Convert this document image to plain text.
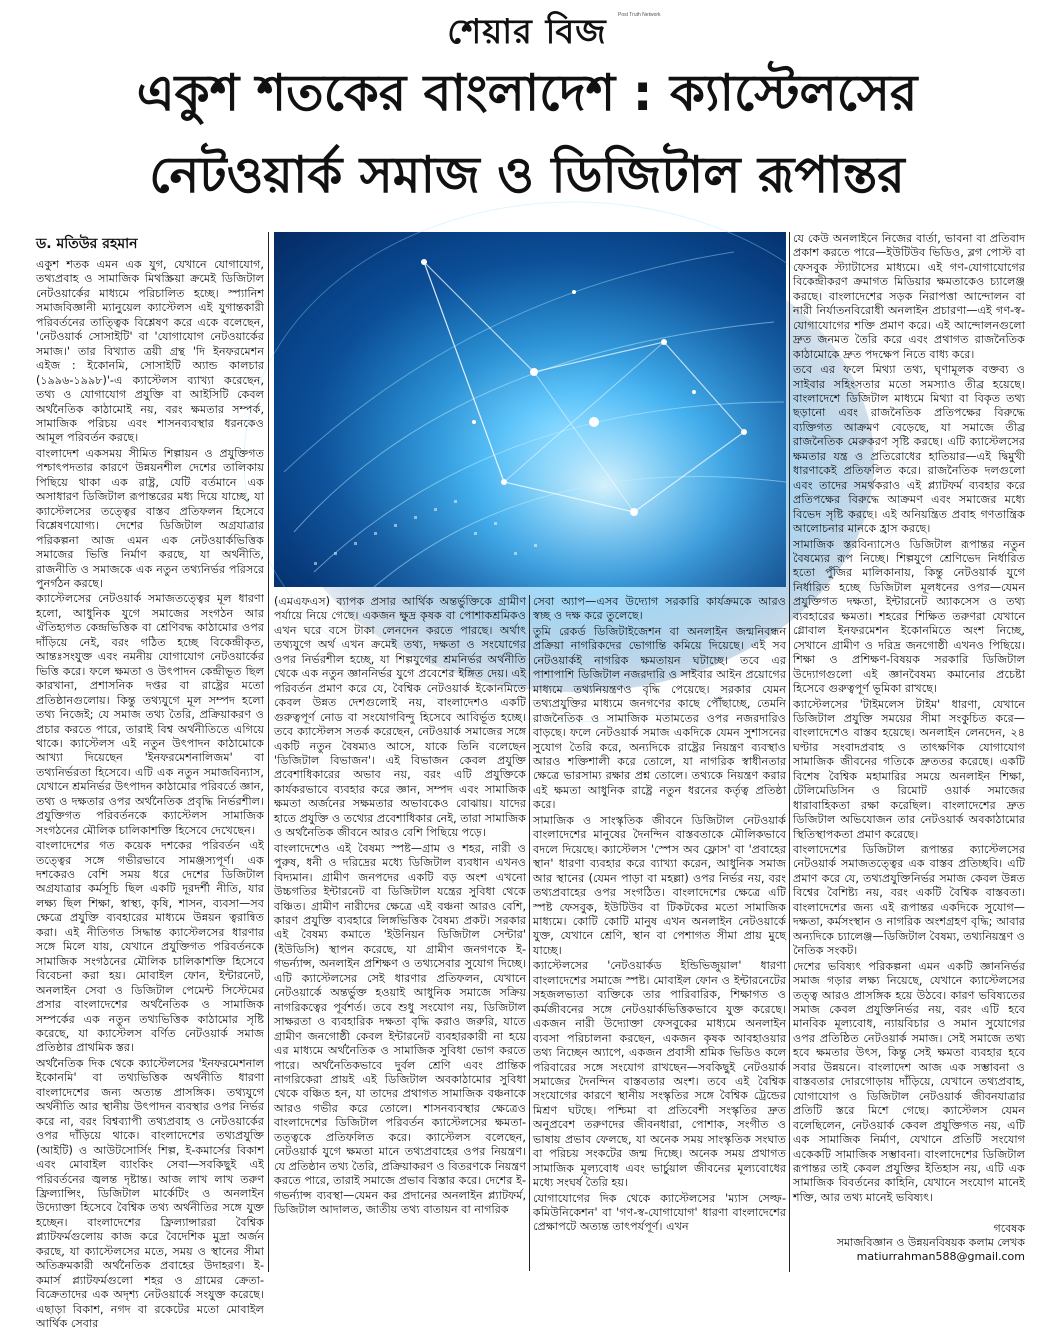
শেয়ার বিজ	Post Truth Network
একুশ শতকের বাংলাদেশ : ক্যাস্টেলসের
নেটওয়ার্ক সমাজ ও ডিজিটাল রূপান্তর
ড. মতিউর রহমান

একুশ শতক এমন এক যুগ, যেখানে যোগাযোগ, তথ্যপ্রবাহ ও সামাজিক মিথস্ক্রিয়া ক্রমেই ডিজিটাল নেটওয়ার্কের মাধ্যমে পরিচালিত হচ্ছে। স্প্যানিশ সমাজবিজ্ঞানী ম্যানুয়েল ক্যাস্টেলস এই যুগান্তকারী পরিবর্তনের তাত্ত্বিক বিশ্লেষণ করে একে বলেছেন, 'নেটওয়ার্ক সোসাইটি' বা 'যোগাযোগ নেটওয়ার্কের সমাজ।' তার বিখ্যাত ত্রয়ী গ্রন্থ 'দি ইনফরমেশন এইজ : ইকোনমি, সোসাইটি অ্যান্ড কালচার (১৯৯৬-১৯৯৮)'-এ ক্যাস্টেলস ব্যাখ্যা করেছেন, তথ্য ও যোগাযোগ প্রযুক্তি বা আইসিটি কেবল অর্থনৈতিক কাঠামোই নয়, বরং ক্ষমতার সম্পর্ক, সামাজিক পরিচয় এবং শাসনব্যবস্থার ধরনকেও আমূল পরিবর্তন করছে।

বাংলাদেশ একসময় সীমিত শিল্পায়ন ও প্রযুক্তিগত পশ্চাৎপদতার কারণে উন্নয়নশীল দেশের তালিকায় পিছিয়ে থাকা এক রাষ্ট্র, যেটি বর্তমানে এক অসাধারণ ডিজিটাল রূপান্তরের মধ্য দিয়ে যাচ্ছে, যা ক্যাস্টেলসের তত্ত্বের বাস্তব প্রতিফলন হিসেবে বিশ্লেষণযোগ্য। দেশের ডিজিটাল অগ্রযাত্রার পরিকল্পনা আজ এমন এক নেটওয়ার্কভিত্তিক সমাজের ভিত্তি নির্মাণ করছে, যা অর্থনীতি, রাজনীতি ও সমাজকে এক নতুন তথ্যনির্ভর পরিসরে পুনর্গঠন করছে।

ক্যাস্টেলসের নেটওয়ার্ক সমাজতত্ত্বের মূল ধারণা হলো, আধুনিক যুগে সমাজের সংগঠন আর ঐতিহ্যগত কেন্দ্রভিত্তিক বা শ্রেণিবদ্ধ কাঠামোর ওপর দাঁড়িয়ে নেই, বরং গঠিত হচ্ছে বিকেন্দ্রীকৃত, আন্তঃসংযুক্ত এবং নমনীয় যোগাযোগ নেটওয়ার্কের ভিত্তি করে। ফলে ক্ষমতা ও উৎপাদন কেন্দ্রীভূত ছিল কারখানা, প্রশাসনিক দপ্তর বা রাষ্ট্রের মতো প্রতিষ্ঠানগুলোয়। কিন্তু তথ্যযুগে মূল সম্পদ হলো তথ্য নিজেই; যে সমাজ তথ্য তৈরি, প্রক্রিয়াকরণ ও প্রচার করতে পারে, তারাই বিশ্ব অর্থনীতিতে এগিয়ে থাকে। ক্যাস্টেলস এই নতুন উৎপাদন কাঠামোকে আখ্যা দিয়েছেন 'ইনফরমেশনালিজম' বা তথ্যনির্ভরতা হিসেবে। এটি এক নতুন সমাজবিন্যাস, যেখানে শ্রমনির্ভর উৎপাদন কাঠামোর পরিবর্তে জ্ঞান, তথ্য ও দক্ষতার ওপর অর্থনৈতিক প্রবৃদ্ধি নির্ভরশীল। প্রযুক্তিগত পরিবর্তনকে ক্যাস্টেলস সামাজিক সংগঠনের মৌলিক চালিকাশক্তি হিসেবে দেখেছেন।

বাংলাদেশের গত কয়েক দশকের পরিবর্তন এই তত্ত্বের সঙ্গে গভীরভাবে সামঞ্জস্যপূর্ণ। এক দশকেরও বেশি সময় ধরে দেশের ডিজিটাল অগ্রযাত্রার কর্মসূচি ছিল একটি দূরদর্শী নীতি, যার লক্ষ্য ছিল শিক্ষা, স্বাস্থ্য, কৃষি, শাসন, ব্যবসা—সব ক্ষেত্রে প্রযুক্তি ব্যবহারের মাধ্যমে উন্নয়ন ত্বরান্বিত করা। এই নীতিগত সিদ্ধান্ত ক্যাস্টেলসের ধারণার সঙ্গে মিলে যায়, যেখানে প্রযুক্তিগত পরিবর্তনকে সামাজিক সংগঠনের মৌলিক চালিকাশক্তি হিসেবে বিবেচনা করা হয়। মোবাইল ফোন, ইন্টারনেট, অনলাইন সেবা ও ডিজিটাল পেমেন্ট সিস্টেমের প্রসার বাংলাদেশের অর্থনৈতিক ও সামাজিক সম্পর্কের এক নতুন তথ্যভিত্তিক কাঠামোর সৃষ্টি করেছে, যা ক্যাস্টেলস বর্ণিত নেটওয়ার্ক সমাজ প্রতিষ্ঠার প্রাথমিক স্তর।

অর্থনৈতিক দিক থেকে ক্যাস্টেলসের 'ইনফরমেশনাল ইকোনমি' বা তথ্যভিত্তিক অর্থনীতি ধারণা বাংলাদেশের জন্য অত্যন্ত প্রাসঙ্গিক। তথ্যযুগে অর্থনীতি আর স্থানীয় উৎপাদন ব্যবস্থার ওপর নির্ভর করে না, বরং বিশ্বব্যাপী তথ্যপ্রবাহ ও নেটওয়ার্কের ওপর দাঁড়িয়ে থাকে। বাংলাদেশের তথ্যপ্রযুক্তি (আইটি) ও আউটসোর্সিং শিল্প, ই-কমার্সের বিকাশ এবং মোবাইল ব্যাংকিং সেবা—সবকিছুই এই পরিবর্তনের জ্বলন্ত দৃষ্টান্ত। আজ লাখ লাখ তরুণ ফ্রিল্যান্সিং, ডিজিটাল মার্কেটিং ও অনলাইন উদ্যোক্তা হিসেবে বৈশ্বিক তথ্য অর্থনীতির সঙ্গে যুক্ত হচ্ছেন। বাংলাদেশের ফ্রিল্যান্সাররা বৈশ্বিক প্ল্যাটফর্মগুলোয় কাজ করে বৈদেশিক মুদ্রা অর্জন করছে, যা ক্যাস্টেলসের মতে, সময় ও স্থানের সীমা অতিক্রমকারী অর্থনৈতিক প্রবাহের উদাহরণ। ই-কমার্স প্ল্যাটফর্মগুলো শহর ও গ্রামের ক্রেতা-বিক্রেতাদের এক অদৃশ্য নেটওয়ার্কে সংযুক্ত করেছে। এছাড়া বিকাশ, নগদ বা রকেটের মতো মোবাইল আর্থিক সেবার

(এমএফএস) ব্যাপক প্রসার আর্থিক অন্তর্ভুক্তিকে গ্রামীণ পর্যায়ে নিয়ে গেছে। একজন ক্ষুদ্র কৃষক বা পোশাকশ্রমিকও এখন ঘরে বসে টাকা লেনদেন করতে পারছে। অর্থাৎ তথ্যযুগে অর্থ এখন ক্রমেই তথ্য, দক্ষতা ও সংযোগের ওপর নির্ভরশীল হচ্ছে, যা শিল্পযুগের শ্রমনির্ভর অর্থনীতি থেকে এক নতুন জ্ঞাননির্ভর যুগে প্রবেশের ইঙ্গিত দেয়। এই পরিবর্তন প্রমাণ করে যে, বৈশ্বিক নেটওয়ার্ক ইকোনমিতে কেবল উন্নত দেশগুলোই নয়, বাংলাদেশও একটি গুরুত্বপূর্ণ নোড বা সংযোগবিন্দু হিসেবে আবির্ভূত হচ্ছে। তবে ক্যাস্টেলস সতর্ক করেছেন, নেটওয়ার্ক সমাজের সঙ্গে একটি নতুন বৈষম্যও আসে, যাকে তিনি বলেছেন 'ডিজিটাল বিভাজন'। এই বিভাজন কেবল প্রযুক্তি প্রবেশাধিকারের অভাব নয়, বরং এটি প্রযুক্তিকে কার্যকরভাবে ব্যবহার করে জ্ঞান, সম্পদ এবং সামাজিক ক্ষমতা অর্জনের সক্ষমতার অভাবকেও বোঝায়। যাদের হাতে প্রযুক্তি ও তথ্যের প্রবেশাধিকার নেই, তারা সামাজিক ও অর্থনৈতিক জীবনে আরও বেশি পিছিয়ে পড়ে।

বাংলাদেশেও এই বৈষম্য স্পষ্ট—গ্রাম ও শহর, নারী ও পুরুষ, ধনী ও দরিদ্রের মধ্যে ডিজিটাল ব্যবধান এখনও বিদ্যমান। গ্রামীণ জনপদের একটি বড় অংশ এখনো উচ্চগতির ইন্টারনেট বা ডিজিটাল যন্ত্রের সুবিধা থেকে বঞ্চিত। গ্রামীণ নারীদের ক্ষেত্রে এই বঞ্চনা আরও বেশি, কারণ প্রযুক্তি ব্যবহারে লিঙ্গভিত্তিক বৈষম্য প্রকট। সরকার এই বৈষম্য কমাতে 'ইউনিয়ন ডিজিটাল সেন্টার' (ইউডিসি) স্থাপন করেছে, যা গ্রামীণ জনগণকে ই-গভর্ন্যান্স, অনলাইন প্রশিক্ষণ ও তথ্যসেবার সুযোগ দিচ্ছে। এটি ক্যাস্টেলসের সেই ধারণার প্রতিফলন, যেখানে নেটওয়ার্কে অন্তর্ভুক্ত হওয়াই আধুনিক সমাজে সক্রিয় নাগরিকত্বের পূর্বশর্ত। তবে শুধু সংযোগ নয়, ডিজিটাল সাক্ষরতা ও ব্যবহারিক দক্ষতা বৃদ্ধি করাও জরুরি, যাতে গ্রামীণ জনগোষ্ঠী কেবল ইন্টারনেট ব্যবহারকারী না হয়ে এর মাধ্যমে অর্থনৈতিক ও সামাজিক সুবিধা ভোগ করতে পারে। অর্থনৈতিকভাবে দুর্বল শ্রেণি এবং প্রান্তিক নাগরিকেরা প্রায়ই এই ডিজিটাল অবকাঠামোর সুবিধা থেকে বঞ্চিত হন, যা তাদের প্রথাগত সামাজিক বঞ্চনাকে আরও গভীর করে তোলে। শাসনব্যবস্থার ক্ষেত্রেও বাংলাদেশের ডিজিটাল পরিবর্তন ক্যাস্টেলসের ক্ষমতা-তত্ত্বকে প্রতিফলিত করে। ক্যাস্টেলস বলেছেন, নেটওয়ার্ক যুগে ক্ষমতা মানে তথ্যপ্রবাহের ওপর নিয়ন্ত্রণ। যে প্রতিষ্ঠান তথ্য তৈরি, প্রক্রিয়াকরণ ও বিতরণকে নিয়ন্ত্রণ করতে পারে, তারাই সমাজে প্রভাব বিস্তার করে। দেশের ই-গভর্ন্যান্স ব্যবস্থা—যেমন কর প্রদানের অনলাইন প্ল্যাটফর্ম, ডিজিটাল আদালত, জাতীয় তথ্য বাতায়ন বা নাগরিক

সেবা অ্যাপ—এসব উদ্যোগ সরকারি কার্যক্রমকে আরও স্বচ্ছ ও দক্ষ করে তুলেছে।

তুমি রেকর্ড ডিজিটাইজেশন বা অনলাইন জন্মনিবন্ধন প্রক্রিয়া নাগরিকদের ভোগান্তি কমিয়ে দিয়েছে। এই সব নেটওয়ার্কই নাগরিক ক্ষমতায়ন ঘটাচ্ছে। তবে এর পাশাপাশি ডিজিটাল নজরদারি ও সাইবার আইন প্রয়োগের মাধ্যমে তথ্যনিয়ন্ত্রণও বৃদ্ধি পেয়েছে। সরকার যেমন তথ্যপ্রযুক্তির মাধ্যমে জনগণের কাছে পৌঁছাচ্ছে, তেমনি রাজনৈতিক ও সামাজিক মতামতের ওপর নজরদারিও বাড়ছে। ফলে নেটওয়ার্ক সমাজ একদিকে যেমন সুশাসনের সুযোগ তৈরি করে, অন্যদিকে রাষ্ট্রের নিয়ন্ত্রণ ব্যবস্থাও আরও শক্তিশালী করে তোলে, যা নাগরিক স্বাধীনতার ক্ষেত্রে ভারসাম্য রক্ষার প্রশ্ন তোলে। তথ্যকে নিয়ন্ত্রণ করার এই ক্ষমতা আধুনিক রাষ্ট্রে নতুন ধরনের কর্তৃত্ব প্রতিষ্ঠা করে।

সামাজিক ও সাংস্কৃতিক জীবনে ডিজিটাল নেটওয়ার্ক বাংলাদেশের মানুষের দৈনন্দিন বাস্তবতাকে মৌলিকভাবে বদলে দিয়েছে। ক্যাস্টেলস 'স্পেস অব ফ্লোস' বা 'প্রবাহের স্থান' ধারণা ব্যবহার করে ব্যাখ্যা করেন, আধুনিক সমাজ আর স্থানের (যেমন পাড়া বা মহল্লা) ওপর নির্ভর নয়, বরং তথ্যপ্রবাহের ওপর সংগঠিত। বাংলাদেশের ক্ষেত্রে এটি স্পষ্ট ফেসবুক, ইউটিউব বা টিকটকের মতো সামাজিক মাধ্যমে। কোটি কোটি মানুষ এখন অনলাইন নেটওয়ার্কে যুক্ত, যেখানে শ্রেণি, স্থান বা পেশাগত সীমা প্রায় মুছে যাচ্ছে।

ক্যাস্টেলসের 'নেটওয়ার্কড ইন্ডিভিজুয়াল' ধারণা বাংলাদেশের সমাজে স্পষ্ট। মোবাইল ফোন ও ইন্টারনেটের সহজলভ্যতা ব্যক্তিকে তার পারিবারিক, শিক্ষাগত ও কর্মজীবনের সঙ্গে নেটওয়ার্কভিত্তিকভাবে যুক্ত করেছে। একজন নারী উদ্যোক্তা ফেসবুকের মাধ্যমে অনলাইন ব্যবসা পরিচালনা করছেন, একজন কৃষক আবহাওয়ার তথ্য নিচ্ছেন অ্যাপে, একজন প্রবাসী শ্রমিক ভিডিও কলে পরিবারের সঙ্গে সংযোগ রাখছেন—সবকিছুই নেটওয়ার্ক সমাজের দৈনন্দিন বাস্তবতার অংশ। তবে এই বৈশ্বিক সংযোগের কারণে স্থানীয় সংস্কৃতির সঙ্গে বৈশ্বিক ট্রেন্ডের মিশ্রণ ঘটছে। পশ্চিমা বা প্রতিবেশী সংস্কৃতির দ্রুত অনুপ্রবেশ তরুণদের জীবনধারা, পোশাক, সংগীত ও ভাষায় প্রভাব ফেলছে, যা অনেক সময় সাংস্কৃতিক সংঘাত বা পরিচয় সংকটের জন্ম দিচ্ছে। অনেক সময় প্রথাগত সামাজিক মূল্যবোধ এবং ভার্চুয়াল জীবনের মূল্যবোধের মধ্যে সংঘর্ষ তৈরি হয়।

যোগাযোগের দিক থেকে ক্যাস্টেলসের 'ম্যাস সেল্ফ-কমিউনিকেশন' বা 'গণ-স্ব-যোগাযোগ' ধারণা বাংলাদেশের প্রেক্ষাপটে অত্যন্ত তাৎপর্যপূর্ণ। এখন

যে কেউ অনলাইনে নিজের বার্তা, ভাবনা বা প্রতিবাদ প্রকাশ করতে পারে—ইউটিউব ভিডিও, ব্লগ পোস্ট বা ফেসবুক স্ট্যাটাসের মাধ্যমে। এই গণ-যোগাযোগের বিকেন্দ্রীকরণ ক্রমাগত মিডিয়ার ক্ষমতাকেও চ্যালেঞ্জ করছে। বাংলাদেশের সড়ক নিরাপত্তা আন্দোলন বা নারী নির্যাতনবিরোধী অনলাইন প্রচারণা—এই গণ-স্ব-যোগাযোগের শক্তি প্রমাণ করে। এই আন্দোলনগুলো দ্রুত জনমত তৈরি করে এবং প্রথাগত রাজনৈতিক কাঠামোকে দ্রুত পদক্ষেপ নিতে বাধ্য করে।

তবে এর ফলে মিথ্যা তথ্য, ঘৃণামূলক বক্তব্য ও সাইবার সহিংসতার মতো সমস্যাও তীব্র হয়েছে। বাংলাদেশে ডিজিটাল মাধ্যমে মিথ্যা বা বিকৃত তথ্য ছড়ানো এবং রাজনৈতিক প্রতিপক্ষের বিরুদ্ধে ব্যক্তিগত আক্রমণ বেড়েছে, যা সমাজে তীব্র রাজনৈতিক মেরুকরণ সৃষ্টি করছে। এটি ক্যাস্টেলসের ক্ষমতার যন্ত্র ও প্রতিরোধের হাতিয়ার—এই দ্বিমুখী ধারণাকেই প্রতিফলিত করে। রাজনৈতিক দলগুলো এবং তাদের সমর্থকরাও এই প্ল্যাটফর্ম ব্যবহার করে প্রতিপক্ষের বিরুদ্ধে আক্রমণ এবং সমাজের মধ্যে বিভেদ সৃষ্টি করছে। এই অনিয়ন্ত্রিত প্রবাহ গণতান্ত্রিক আলোচনার মানকে হ্রাস করছে।

সামাজিক স্তরবিন্যাসেও ডিজিটাল রূপান্তর নতুন বৈষম্যের রূপ নিচ্ছে। শিল্পযুগে শ্রেণিভেদ নির্ধারিত হতো পুঁজির মালিকানায়, কিন্তু নেটওয়ার্ক যুগে নির্ধারিত হচ্ছে ডিজিটাল মূলধনের ওপর—যেমন প্রযুক্তিগত দক্ষতা, ইন্টারনেট অ্যাকসেস ও তথ্য ব্যবহারের ক্ষমতা। শহরের শিক্ষিত তরুণরা যেখানে গ্লোবাল ইনফরমেশন ইকোনমিতে অংশ নিচ্ছে, সেখানে গ্রামীণ ও দরিদ্র জনগোষ্ঠী এখনও পিছিয়ে। শিক্ষা ও প্রশিক্ষণ-বিষয়ক সরকারি ডিজিটাল উদ্যোগগুলো এই জ্ঞানবৈষম্য কমানোর প্রচেষ্টা হিসেবে গুরুত্বপূর্ণ ভূমিকা রাখছে।

ক্যাস্টেলসের 'টাইমলেস টাইম' ধারণা, যেখানে ডিজিটাল প্রযুক্তি সময়ের সীমা সংকুচিত করে—বাংলাদেশেও বাস্তব হয়েছে। অনলাইন লেনদেন, ২৪ ঘণ্টার সংবাদপ্রবাহ ও তাৎক্ষণিক যোগাযোগ সামাজিক জীবনের গতিকে দ্রুততর করেছে। একটি বিশেষ বৈশ্বিক মহামারির সময়ে অনলাইন শিক্ষা, টেলিমেডিসিন ও রিমোট ওয়ার্ক সমাজের ধারাবাহিকতা রক্ষা করেছিল। বাংলাদেশের দ্রুত ডিজিটাল অভিযোজন তার নেটওয়ার্ক অবকাঠামোর স্থিতিস্থাপকতা প্রমাণ করেছে।

বাংলাদেশের ডিজিটাল রূপান্তর ক্যাস্টেলসের নেটওয়ার্ক সমাজতত্ত্বের এক বাস্তব প্রতিচ্ছবি। এটি প্রমাণ করে যে, তথ্যপ্রযুক্তিনির্ভর সমাজ কেবল উন্নত বিশ্বের বৈশিষ্ট্য নয়, বরং একটি বৈশ্বিক বাস্তবতা। বাংলাদেশের জন্য এই রূপান্তর একদিকে সুযোগ—দক্ষতা, কর্মসংস্থান ও নাগরিক অংশগ্রহণ বৃদ্ধি; আবার অন্যদিকে চ্যালেঞ্জ—ডিজিটাল বৈষম্য, তথ্যনিয়ন্ত্রণ ও নৈতিক সংকট।

দেশের ভবিষ্যৎ পরিকল্পনা এমন একটি জ্ঞাননির্ভর সমাজ গড়ার লক্ষ্য নিয়েছে, যেখানে ক্যাস্টেলসের তত্ত্ব আরও প্রাসঙ্গিক হয়ে উঠবে। কারণ ভবিষ্যতের সমাজ কেবল প্রযুক্তিনির্ভর নয়, বরং এটি হবে মানবিক মূল্যবোধ, ন্যায়বিচার ও সমান সুযোগের ওপর প্রতিষ্ঠিত নেটওয়ার্ক সমাজ। সেই সমাজে তথ্য হবে ক্ষমতার উৎস, কিন্তু সেই ক্ষমতা ব্যবহার হবে সবার উন্নয়নে। বাংলাদেশ আজ এক সম্ভাবনা ও বাস্তবতার দোরগোড়ায় দাঁড়িয়ে, যেখানে তথ্যপ্রবাহ, যোগাযোগ ও ডিজিটাল নেটওয়ার্ক জীবনযাত্রার প্রতিটি স্তরে মিশে গেছে। ক্যাস্টেলস যেমন বলেছিলেন, নেটওয়ার্ক কেবল প্রযুক্তিগত নয়, এটি এক সামাজিক নির্মাণ, যেখানে প্রতিটি সংযোগ একেকটি সামাজিক সম্ভাবনা। বাংলাদেশের ডিজিটাল রূপান্তর তাই কেবল প্রযুক্তির ইতিহাস নয়, এটি এক সামাজিক বিবর্তনের কাহিনি, যেখানে সংযোগ মানেই শক্তি, আর তথ্য মানেই ভবিষ্যৎ।

গবেষক
সমাজবিজ্ঞান ও উন্নয়নবিষয়ক কলাম লেখক
matiurrahman588@gmail.com
